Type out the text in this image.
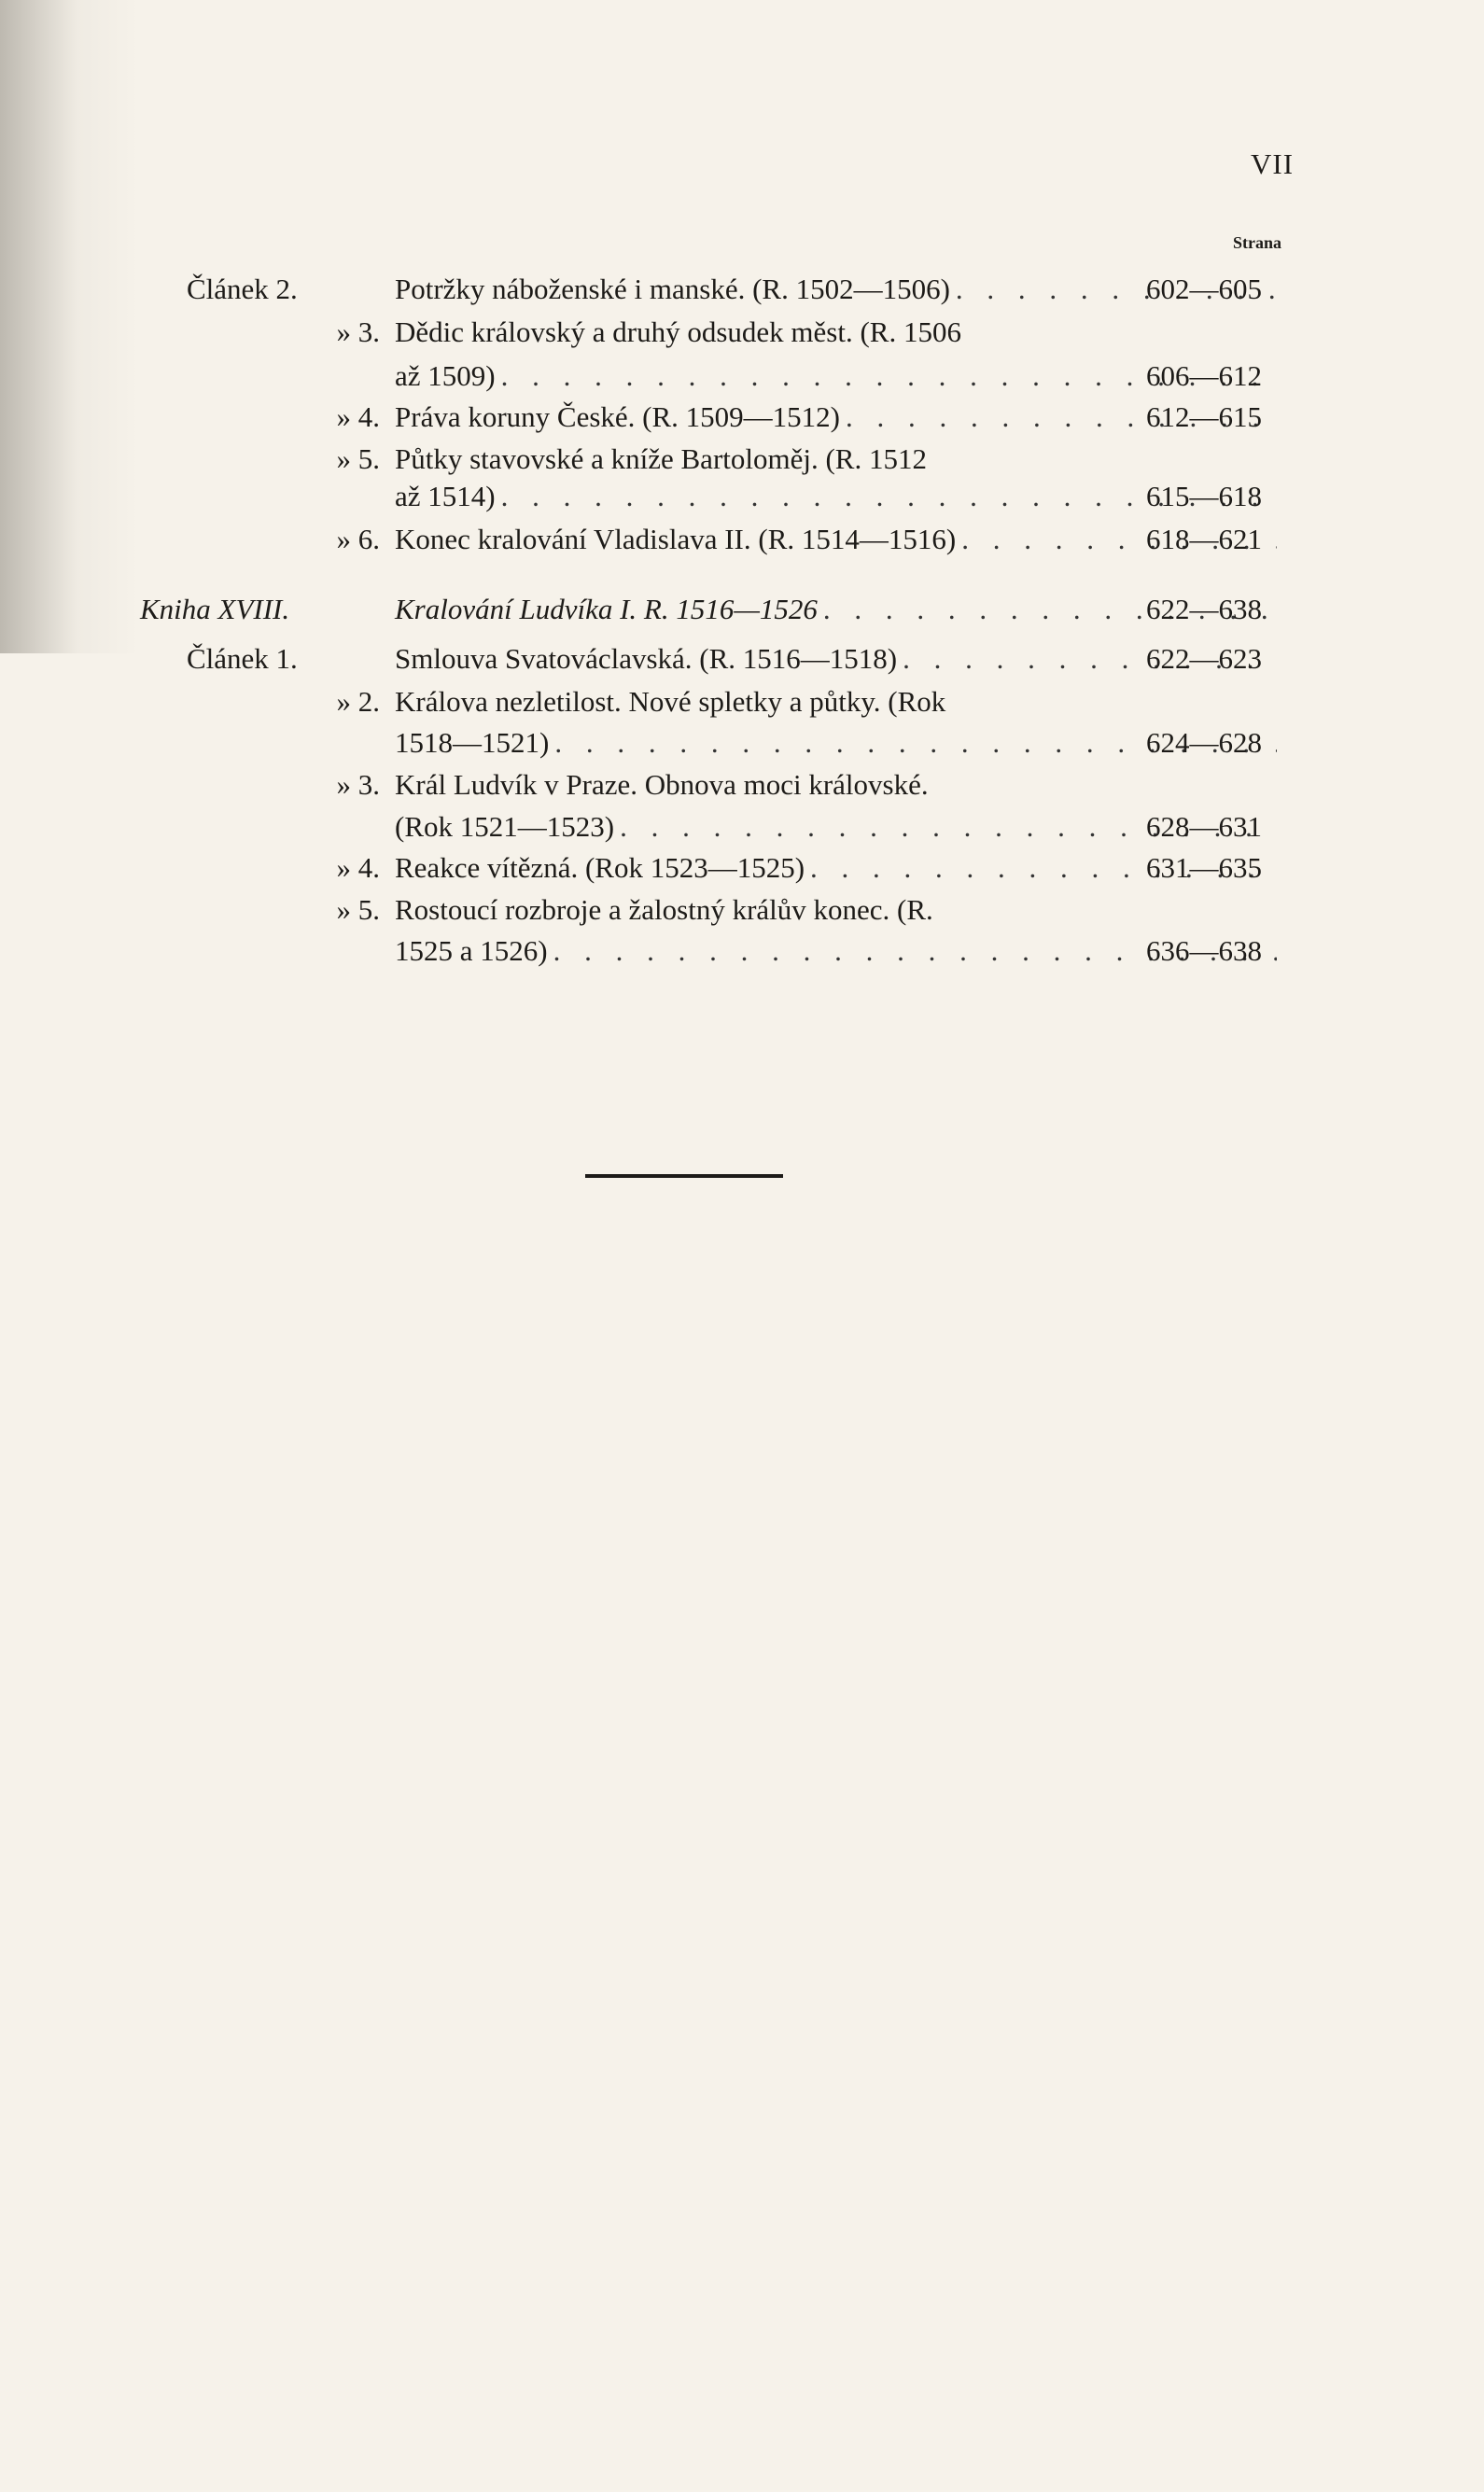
VII
Strana
Článek 2.	Potržky náboženské i manské. (R. 1502—1506) . . .	602—605
» 3. Dědic královský a druhý odsudek měst. (R. 1506
až 1509) . . .	606—612
» 4. Práva koruny České. (R. 1509—1512) . . .	612—615
» 5. Půtky stavovské a kníže Bartoloměj. (R. 1512
až 1514) . . .	615—618
» 6. Konec kralování Vladislava II. (R. 1514—1516) . . .	618—621
Kniha XVIII.	Kralování Ludvíka I. R. 1516—1526 . . .	622—638
Článek 1.	Smlouva Svatováclavská. (R. 1516—1518) . . .	622—623
» 2. Králova nezletilost. Nové spletky a půtky. (Rok
1518—1521) . . .	624—628
» 3. Král Ludvík v Praze. Obnova moci královské.
(Rok 1521—1523) . . .	628—631
» 4. Reakce vítězná. (Rok 1523—1525) . . .	631—635
» 5. Rostoucí rozbroje a žalostný králův konec. (R.
1525 a 1526) . . .	636—638
